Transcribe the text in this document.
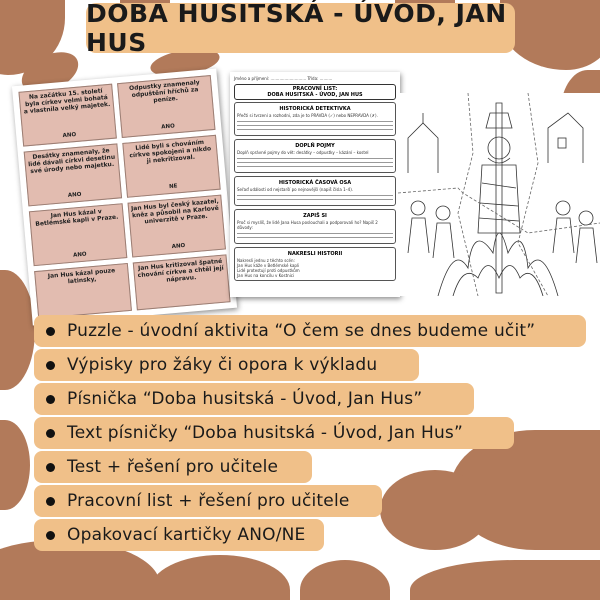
DOBA HUSITSKÁ - ÚVOD, JAN HUS
Na začátku 15. století byla církev velmi bohatá a vlastnila velký majetek.
ANO
Odpustky znamenaly odpuštění hříchů za peníze.
ANO
Desátky znamenaly, že lidé dávali církvi desetinu své úrody nebo majetku.
ANO
Lidé byli s chováním církve spokojeni a nikdo ji nekritizoval.
NE
Jan Hus kázal v Betlémské kapli v Praze.
ANO
Jan Hus byl český kazatel, kněz a působil na Karlově univerzitě v Praze.
ANO
Jan Hus kázal pouze latinsky,
Jan Hus kritizoval špatné chování církve a chtěl její nápravu.
Jméno a příjmení: ............................ Třída: ..........
PRACOVNÍ LIST:
DOBA HUSITSKÁ - ÚVOD, JAN HUS
HISTORICKÁ DETEKTIVKA
Přečti si tvrzení a rozhodni, zda je to PRAVDA (✓) nebo NEPRAVDA (✗).
DOPLŇ POJMY
Doplň správné pojmy do vět: desátky – odpustky – kázání – kostel
HISTORICKÁ ČASOVÁ OSA
Seřaď události od nejstarší po nejnovější (napiš čísla 1–4).
ZAPIŠ SI
Proč si myslíš, že lidé Jana Husa poslouchali a podporovali ho? Napiš 2 důvody:
NAKRESLI HISTORII
Nakresli jednu z těchto scén:
Jan Hus káže v Betlémské kapli
Lidé protestují proti odpustkům
Jan Hus na koncilu v Kostnici
Puzzle - úvodní aktivita “O čem se dnes budeme učit”
Výpisky pro žáky či opora k výkladu
Písnička “Doba husitská - Úvod, Jan Hus”
Text písničky “Doba husitská - Úvod, Jan Hus”
Test + řešení pro učitele
Pracovní list + řešení pro učitele
Opakovací kartičky ANO/NE
